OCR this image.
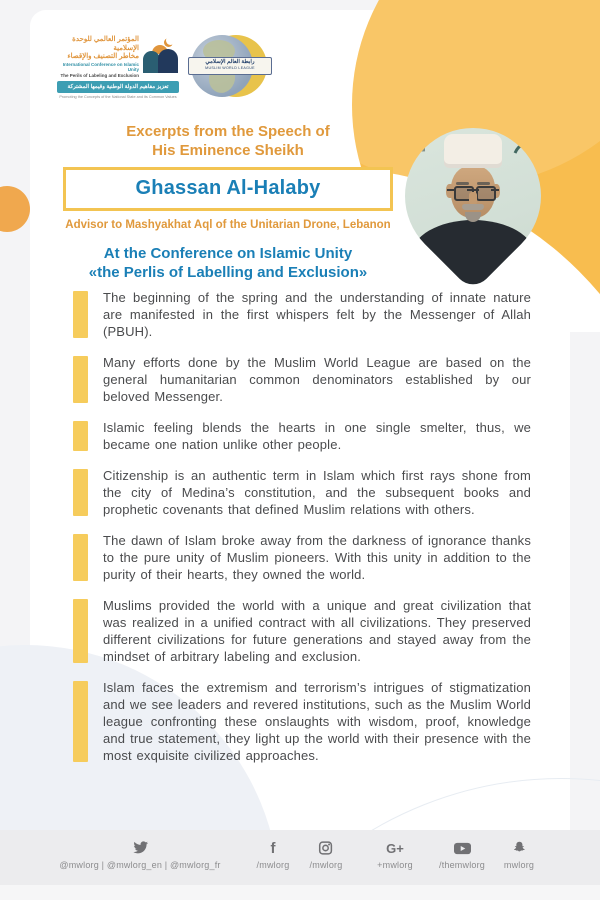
المؤتمر العالمي للوحدة الإسلامية
مخاطر التصنيف والإقصاء
International Conference on Islamic Unity
The Perils of Labeling and Exclusion
تعزيز مفاهيم الدولة الوطنية وقيمها المشتركة
Promoting the Concepts of the National State and its Common Values
رابطة العالم الإسلامي
MUSLIM WORLD LEAGUE
Excerpts from the Speech of
His Eminence Sheikh
Ghassan Al-Halaby
Advisor to Mashyakhat Aql of the Unitarian Drone, Lebanon
At the Conference on Islamic Unity
«the Perlis of Labelling and Exclusion»
The beginning of the spring and the understanding of innate nature are manifested in the first whispers felt by the Messenger of Allah (PBUH).
Many efforts done by the Muslim World League are based on the general humanitarian common denominators established by our beloved Messenger.
Islamic feeling blends the hearts in one single smelter, thus, we became one nation unlike other people.
Citizenship is an authentic term in Islam which first rays shone from the city of Medina’s constitution, and the subsequent books and prophetic covenants that defined Muslim relations with others.
The dawn of Islam broke away from the darkness of ignorance thanks to the pure unity of Muslim pioneers. With this unity in addition to the purity of their hearts, they owned the world.
Muslims provided the world with a unique and great civilization that was realized in a unified contract with all civilizations. They preserved different civilizations for future generations and stayed away from the mindset of arbitrary labeling and exclusion.
Islam faces the extremism and terrorism’s intrigues of stigmatization and we see leaders and revered institutions, such as the Muslim World league confronting these onslaughts with wisdom, proof, knowledge and true statement, they light up the world with their presence with the most exquisite civilized approaches.
@mwlorg | @mwlorg_en | @mwlorg_fr
f
/mwlorg /mwlorg
G+
+mwlorg	/themwlorg mwlorg
